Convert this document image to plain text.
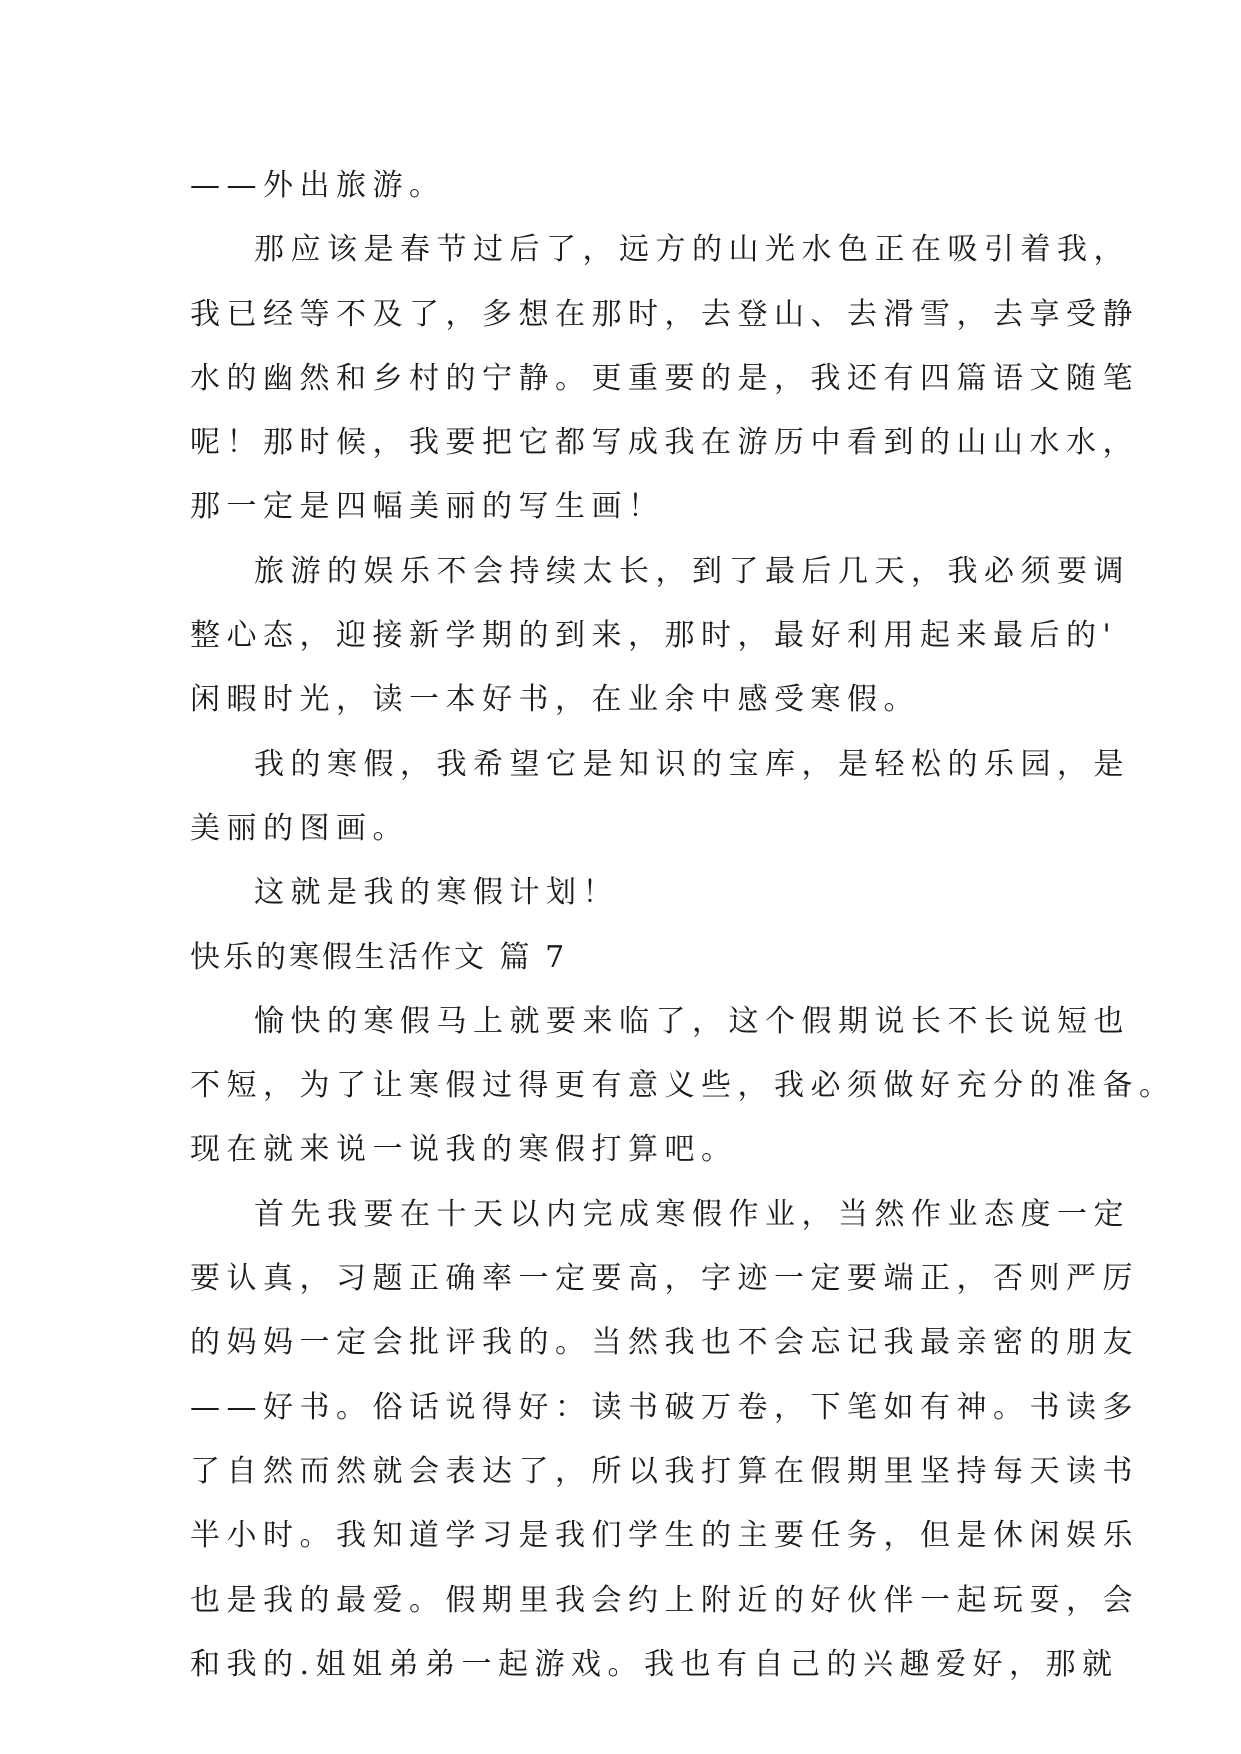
——外出旅游。
那应该是春节过后了，远方的山光水色正在吸引着我，
我已经等不及了，多想在那时，去登山、去滑雪，去享受静
水的幽然和乡村的宁静。更重要的是，我还有四篇语文随笔
呢！那时候，我要把它都写成我在游历中看到的山山水水，
那一定是四幅美丽的写生画！
旅游的娱乐不会持续太长，到了最后几天，我必须要调
整心态，迎接新学期的到来，那时，最好利用起来最后的'
闲暇时光，读一本好书，在业余中感受寒假。
我的寒假，我希望它是知识的宝库，是轻松的乐园，是
美丽的图画。
这就是我的寒假计划！
快乐的寒假生活作文 篇 7
愉快的寒假马上就要来临了，这个假期说长不长说短也
不短，为了让寒假过得更有意义些，我必须做好充分的准备。
现在就来说一说我的寒假打算吧。
首先我要在十天以内完成寒假作业，当然作业态度一定
要认真，习题正确率一定要高，字迹一定要端正，否则严厉
的妈妈一定会批评我的。当然我也不会忘记我最亲密的朋友
——好书。俗话说得好：读书破万卷，下笔如有神。书读多
了自然而然就会表达了，所以我打算在假期里坚持每天读书
半小时。我知道学习是我们学生的主要任务，但是休闲娱乐
也是我的最爱。假期里我会约上附近的好伙伴一起玩耍，会
和我的.姐姐弟弟一起游戏。我也有自己的兴趣爱好，那就
